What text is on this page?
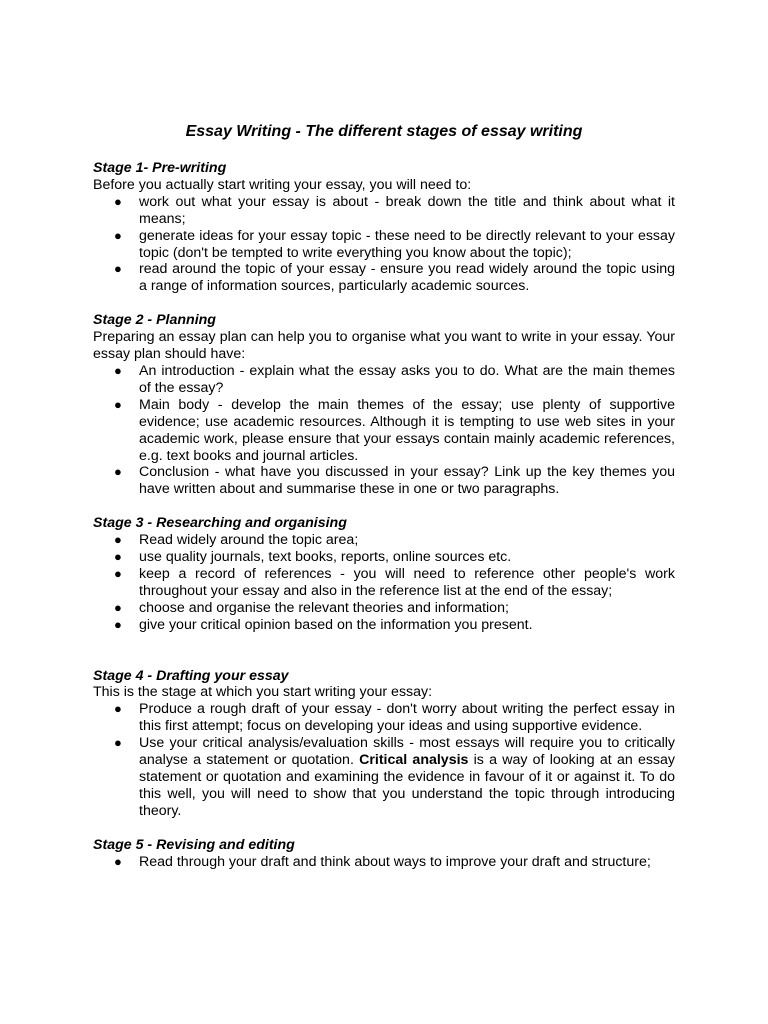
Essay Writing - The different stages of essay writing
Stage 1- Pre-writing
Before you actually start writing your essay, you will need to:
● work out what your essay is about - break down the title and think about what it means;
● generate ideas for your essay topic - these need to be directly relevant to your essay topic (don't be tempted to write everything you know about the topic);
● read around the topic of your essay - ensure you read widely around the topic using a range of information sources, particularly academic sources.
Stage 2 - Planning
Preparing an essay plan can help you to organise what you want to write in your essay. Your essay plan should have:
● An introduction - explain what the essay asks you to do. What are the main themes of the essay?
● Main body - develop the main themes of the essay; use plenty of supportive evidence; use academic resources. Although it is tempting to use web sites in your academic work, please ensure that your essays contain mainly academic references, e.g. text books and journal articles.
● Conclusion - what have you discussed in your essay? Link up the key themes you have written about and summarise these in one or two paragraphs.
Stage 3 - Researching and organising
● Read widely around the topic area;
● use quality journals, text books, reports, online sources etc.
● keep a record of references - you will need to reference other people's work throughout your essay and also in the reference list at the end of the essay;
● choose and organise the relevant theories and information;
● give your critical opinion based on the information you present.
Stage 4 - Drafting your essay
This is the stage at which you start writing your essay:
● Produce a rough draft of your essay - don't worry about writing the perfect essay in this first attempt; focus on developing your ideas and using supportive evidence.
● Use your critical analysis/evaluation skills - most essays will require you to critically analyse a statement or quotation. Critical analysis is a way of looking at an essay statement or quotation and examining the evidence in favour of it or against it. To do this well, you will need to show that you understand the topic through introducing theory.
Stage 5 - Revising and editing
● Read through your draft and think about ways to improve your draft and structure;
